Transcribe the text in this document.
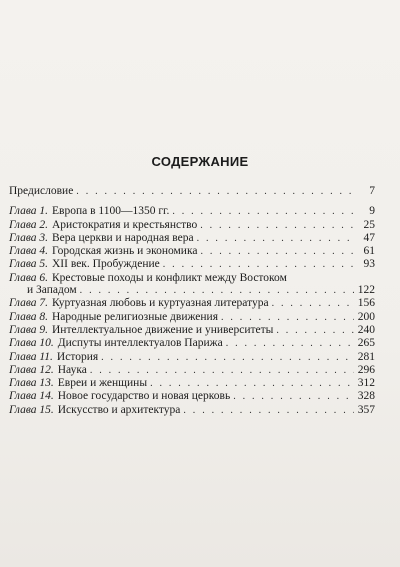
СОДЕРЖАНИЕ
Предисловие . . .	7
Глава 1. Европа в 1100—1350 гг. . . .	9
Глава 2. Аристократия и крестьянство . . .	25
Глава 3. Вера церкви и народная вера . . .	47
Глава 4. Городская жизнь и экономика . . .	61
Глава 5. XII век. Пробуждение . . .	93
Глава 6. Крестовые походы и конфликт между Востоком
и Западом . . .	122
Глава 7. Куртуазная любовь и куртуазная литература . . .	156
Глава 8. Народные религиозные движения . . .	200
Глава 9. Интеллектуальное движение и университеты . . .	240
Глава 10. Диспуты интеллектуалов Парижа . . .	265
Глава 11. История . . .	281
Глава 12. Наука . . .	296
Глава 13. Евреи и женщины . . .	312
Глава 14. Новое государство и новая церковь . . .	328
Глава 15. Искусство и архитектура . . .	357
